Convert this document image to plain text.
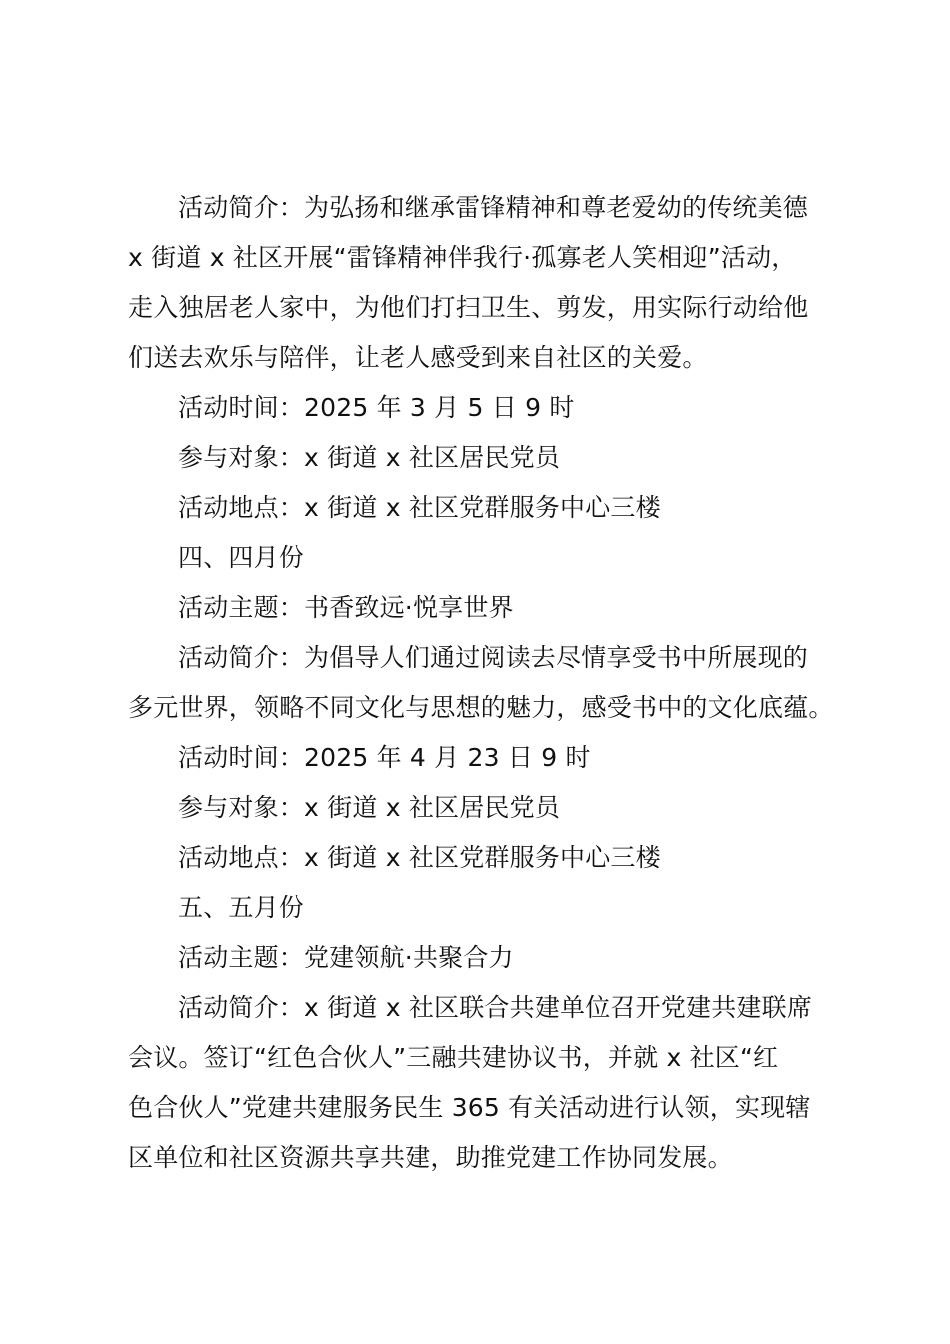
活动简介：为弘扬和继承雷锋精神和尊老爱幼的传统美德
x 街道 x 社区开展“雷锋精神伴我行·孤寡老人笑相迎”活动，
走入独居老人家中，为他们打扫卫生、剪发，用实际行动给他
们送去欢乐与陪伴，让老人感受到来自社区的关爱。
活动时间：2025 年 3 月 5 日 9 时
参与对象：x 街道 x 社区居民党员
活动地点：x 街道 x 社区党群服务中心三楼
四、四月份
活动主题：书香致远·悦享世界
活动简介：为倡导人们通过阅读去尽情享受书中所展现的
多元世界，领略不同文化与思想的魅力，感受书中的文化底蕴。
活动时间：2025 年 4 月 23 日 9 时
参与对象：x 街道 x 社区居民党员
活动地点：x 街道 x 社区党群服务中心三楼
五、五月份
活动主题：党建领航·共聚合力
活动简介：x 街道 x 社区联合共建单位召开党建共建联席
会议。签订“红色合伙人”三融共建协议书，并就 x 社区“红
色合伙人”党建共建服务民生 365 有关活动进行认领，实现辖
区单位和社区资源共享共建，助推党建工作协同发展。
